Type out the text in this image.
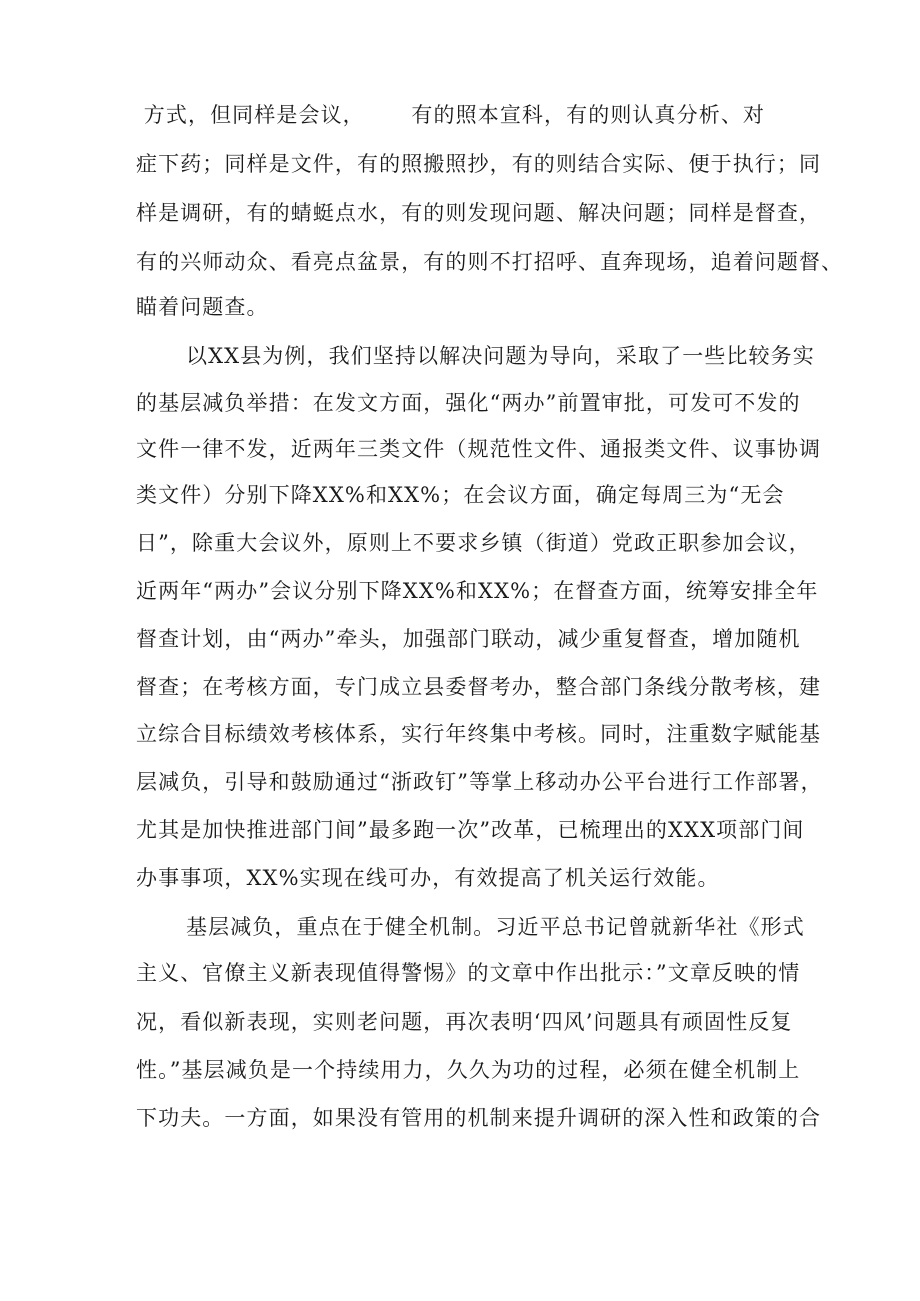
方式，但同样是会议，      有的照本宣科，有的则认真分析、对
症下药；同样是文件，有的照搬照抄，有的则结合实际、便于执行；同
样是调研，有的蜻蜓点水，有的则发现问题、解决问题；同样是督查，
有的兴师动众、看亮点盆景，有的则不打招呼、直奔现场，追着问题督、
瞄着问题查。
以XX县为例，我们坚持以解决问题为导向，采取了一些比较务实
的基层减负举措：在发文方面，强化“两办”前置审批，可发可不发的
文件一律不发，近两年三类文件（规范性文件、通报类文件、议事协调
类文件）分别下降XX%和XX%；在会议方面，确定每周三为“无会
日”，除重大会议外，原则上不要求乡镇（街道）党政正职参加会议，
近两年“两办”会议分别下降XX%和XX%；在督查方面，统筹安排全年
督查计划，由“两办”牵头，加强部门联动，减少重复督查，增加随机
督查；在考核方面，专门成立县委督考办，整合部门条线分散考核，建
立综合目标绩效考核体系，实行年终集中考核。同时，注重数字赋能基
层减负，引导和鼓励通过“浙政钉”等掌上移动办公平台进行工作部署，
尤其是加快推进部门间”最多跑一次”改革，已梳理出的XXX项部门间
办事事项，XX%实现在线可办，有效提高了机关运行效能。
基层减负，重点在于健全机制。习近平总书记曾就新华社《形式
主义、官僚主义新表现值得警惕》的文章中作出批示：”文章反映的情
况，看似新表现，实则老问题，再次表明‘四风’问题具有顽固性反复
性。”基层减负是一个持续用力，久久为功的过程，必须在健全机制上
下功夫。一方面，如果没有管用的机制来提升调研的深入性和政策的合
